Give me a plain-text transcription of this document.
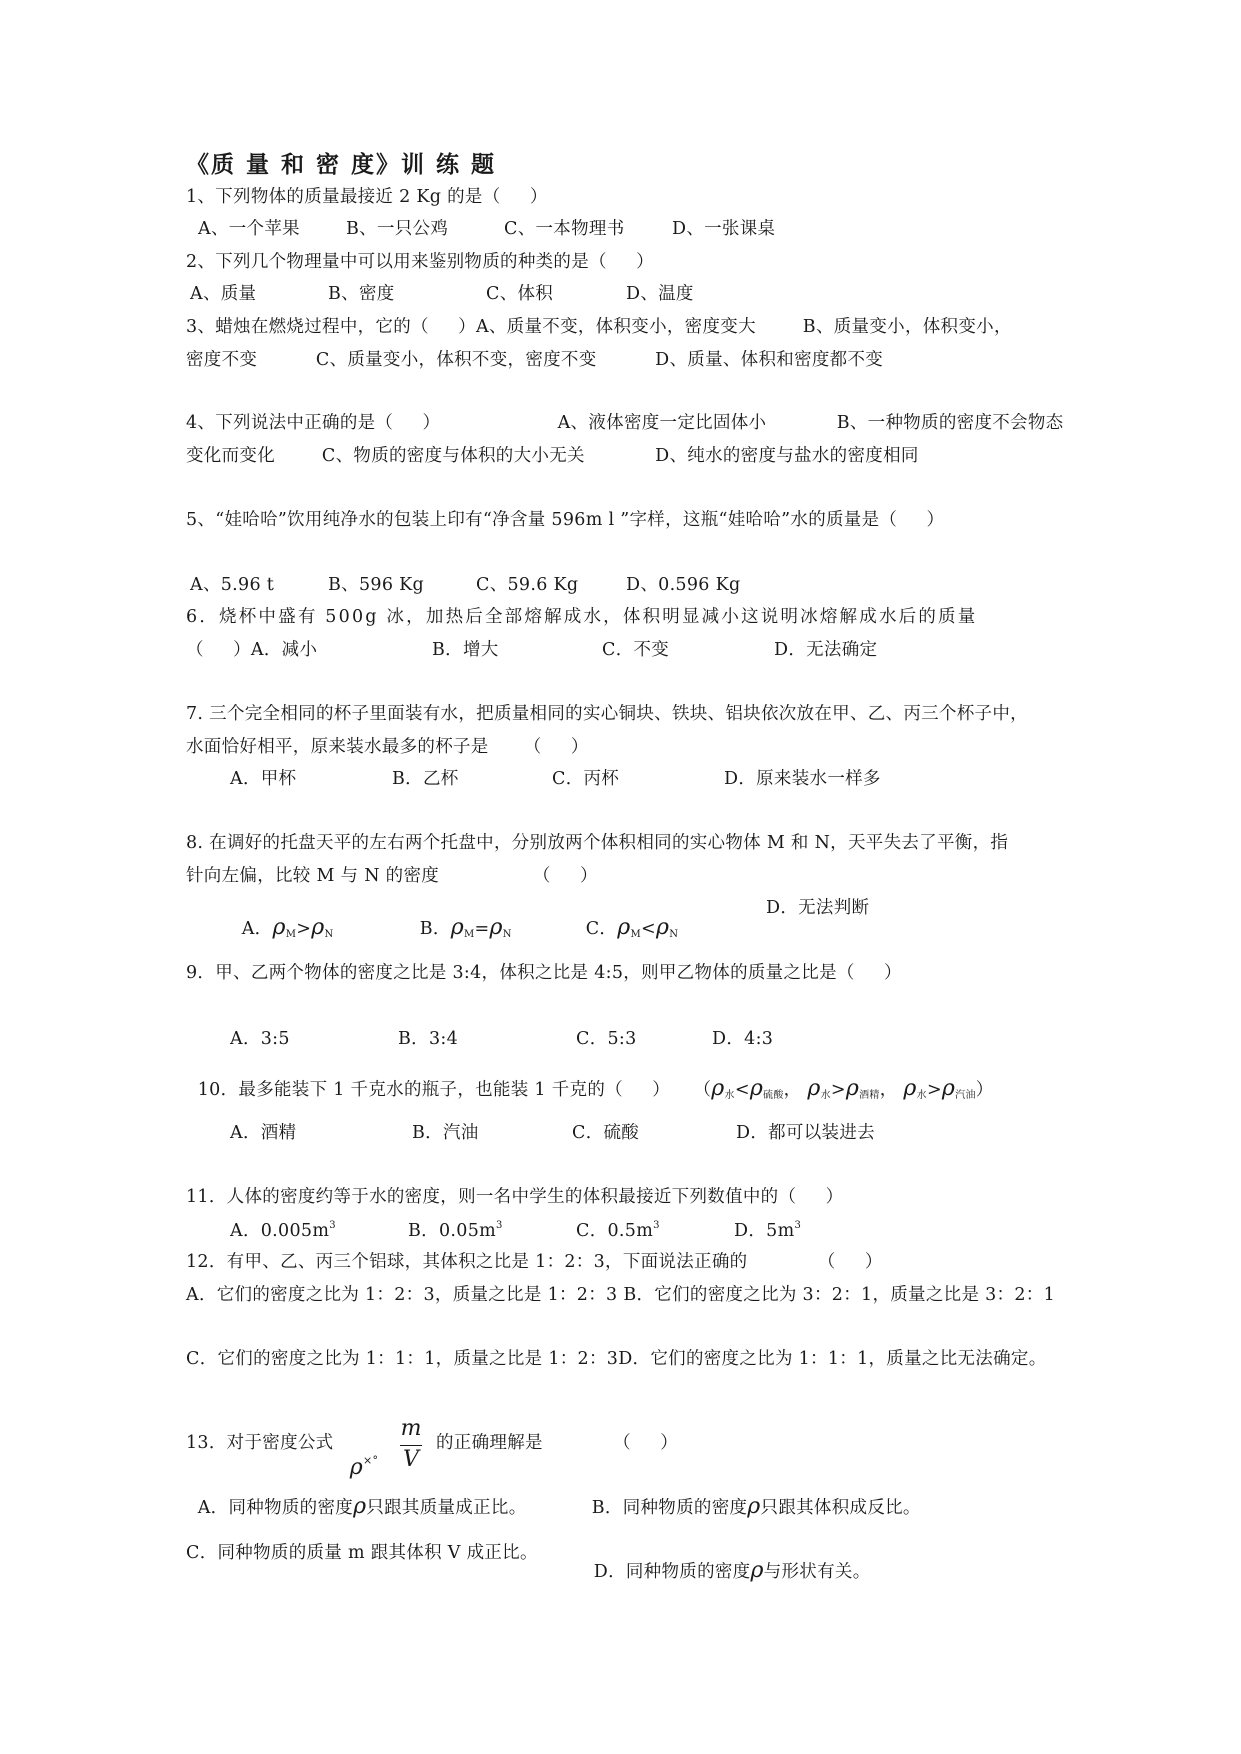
《质 量 和 密 度》训 练 题
1、下列物体的质量最接近 2 Kg 的是（     ）
A、一个苹果	B、一只公鸡	C、一本物理书	D、一张课桌
2、下列几个物理量中可以用来鉴别物质的种类的是（     ）
A、质量	B、密度	C、体积	D、温度
3、蜡烛在燃烧过程中，它的（     ）A、质量不变，体积变小，密度变大        B、质量变小，体积变小，
密度不变          C、质量变小，体积不变，密度不变          D、质量、体积和密度都不变
4、下列说法中正确的是（     ）                    A、液体密度一定比固体小            B、一种物质的密度不会物态
变化而变化        C、物质的密度与体积的大小无关            D、纯水的密度与盐水的密度相同
5、“娃哈哈”饮用纯净水的包装上印有“净含量 596m l ”字样，这瓶“娃哈哈”水的质量是（     ）
A、5.96 t	B、596 Kg	C、59.6 Kg	D、0.596 Kg
6．烧杯中盛有 500g 冰，加热后全部熔解成水，体积明显减小这说明冰熔解成水后的质量
（     ）A．减小	B．增大	C．不变	D．无法确定
7. 三个完全相同的杯子里面装有水，把质量相同的实心铜块、铁块、铝块依次放在甲、乙、丙三个杯子中，
水面恰好相平，原来装水最多的杯子是      （     ）
A．甲杯	B．乙杯	C．丙杯	D．原来装水一样多
8. 在调好的托盘天平的左右两个托盘中，分别放两个体积相同的实心物体 M 和 N，天平失去了平衡，指
针向左偏，比较 M 与 N 的密度                （     ）

A．$\rho_M>\rho_N$	B．$\rho_M=\rho_N$	C．$\rho_M<\rho_N$

D．无法判断
9．甲、乙两个物体的密度之比是 3:4，体积之比是 4:5，则甲乙物体的质量之比是（     ）
A．3:5	B．3:4	C．5:3	D．4:3

10．最多能装下 1 千克水的瓶子，也能装 1 千克的（     ）    （$\rho_水<\rho_{硫酸}$， $\rho_水>\rho_{酒精}$， $\rho_水>\rho_{汽油}$）

A．酒精	B．汽油	C．硫酸	D．都可以装进去
11．人体的密度约等于水的密度，则一名中学生的体积最接近下列数值中的（     ）
A．$0.005m^3$	B．$0.05m^3$	C．$0.5m^3$	D．$5m^3$
12．有甲、乙、丙三个铝球，其体积之比是 1：2：3，下面说法正确的            （     ）
A．它们的密度之比为 1：2：3，质量之比是 1：2：3 B．它们的密度之比为 3：2：1，质量之比是 3：2：1
C．它们的密度之比为 1：1：1，质量之比是 1：2：3D．它们的密度之比为 1：1：1，质量之比无法确定。
13．对于密度公式

ρ×°

m
V
的正确理解是            （     ）

A．同种物质的密度ρ只跟其质量成正比。	B．同种物质的密度ρ只跟其体积成反比。

C．同种物质的质量 m 跟其体积 V 成正比。

D．同种物质的密度ρ与形状有关。
